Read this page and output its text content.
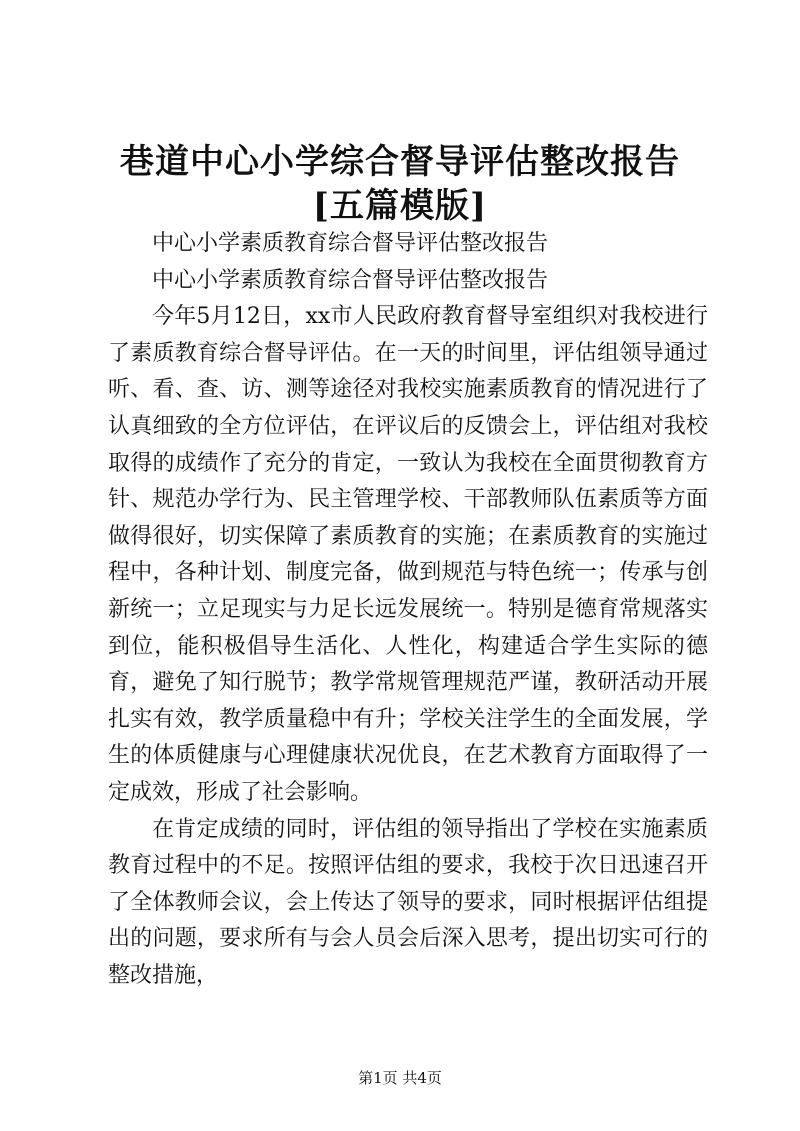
巷道中心小学综合督导评估整改报告[五篇模版]

中心小学素质教育综合督导评估整改报告

中心小学素质教育综合督导评估整改报告

今年5月12日，xx市人民政府教育督导室组织对我校进行了素质教育综合督导评估。在一天的时间里，评估组领导通过听、看、查、访、测等途径对我校实施素质教育的情况进行了认真细致的全方位评估，在评议后的反馈会上，评估组对我校取得的成绩作了充分的肯定，一致认为我校在全面贯彻教育方针、规范办学行为、民主管理学校、干部教师队伍素质等方面做得很好，切实保障了素质教育的实施；在素质教育的实施过程中，各种计划、制度完备，做到规范与特色统一；传承与创新统一；立足现实与力足长远发展统一。特别是德育常规落实到位，能积极倡导生活化、人性化，构建适合学生实际的德育，避免了知行脱节；教学常规管理规范严谨，教研活动开展扎实有效，教学质量稳中有升；学校关注学生的全面发展，学生的体质健康与心理健康状况优良，在艺术教育方面取得了一定成效，形成了社会影响。

在肯定成绩的同时，评估组的领导指出了学校在实施素质教育过程中的不足。按照评估组的要求，我校于次日迅速召开了全体教师会议，会上传达了领导的要求，同时根据评估组提出的问题，要求所有与会人员会后深入思考，提出切实可行的整改措施，

第1页 共4页
